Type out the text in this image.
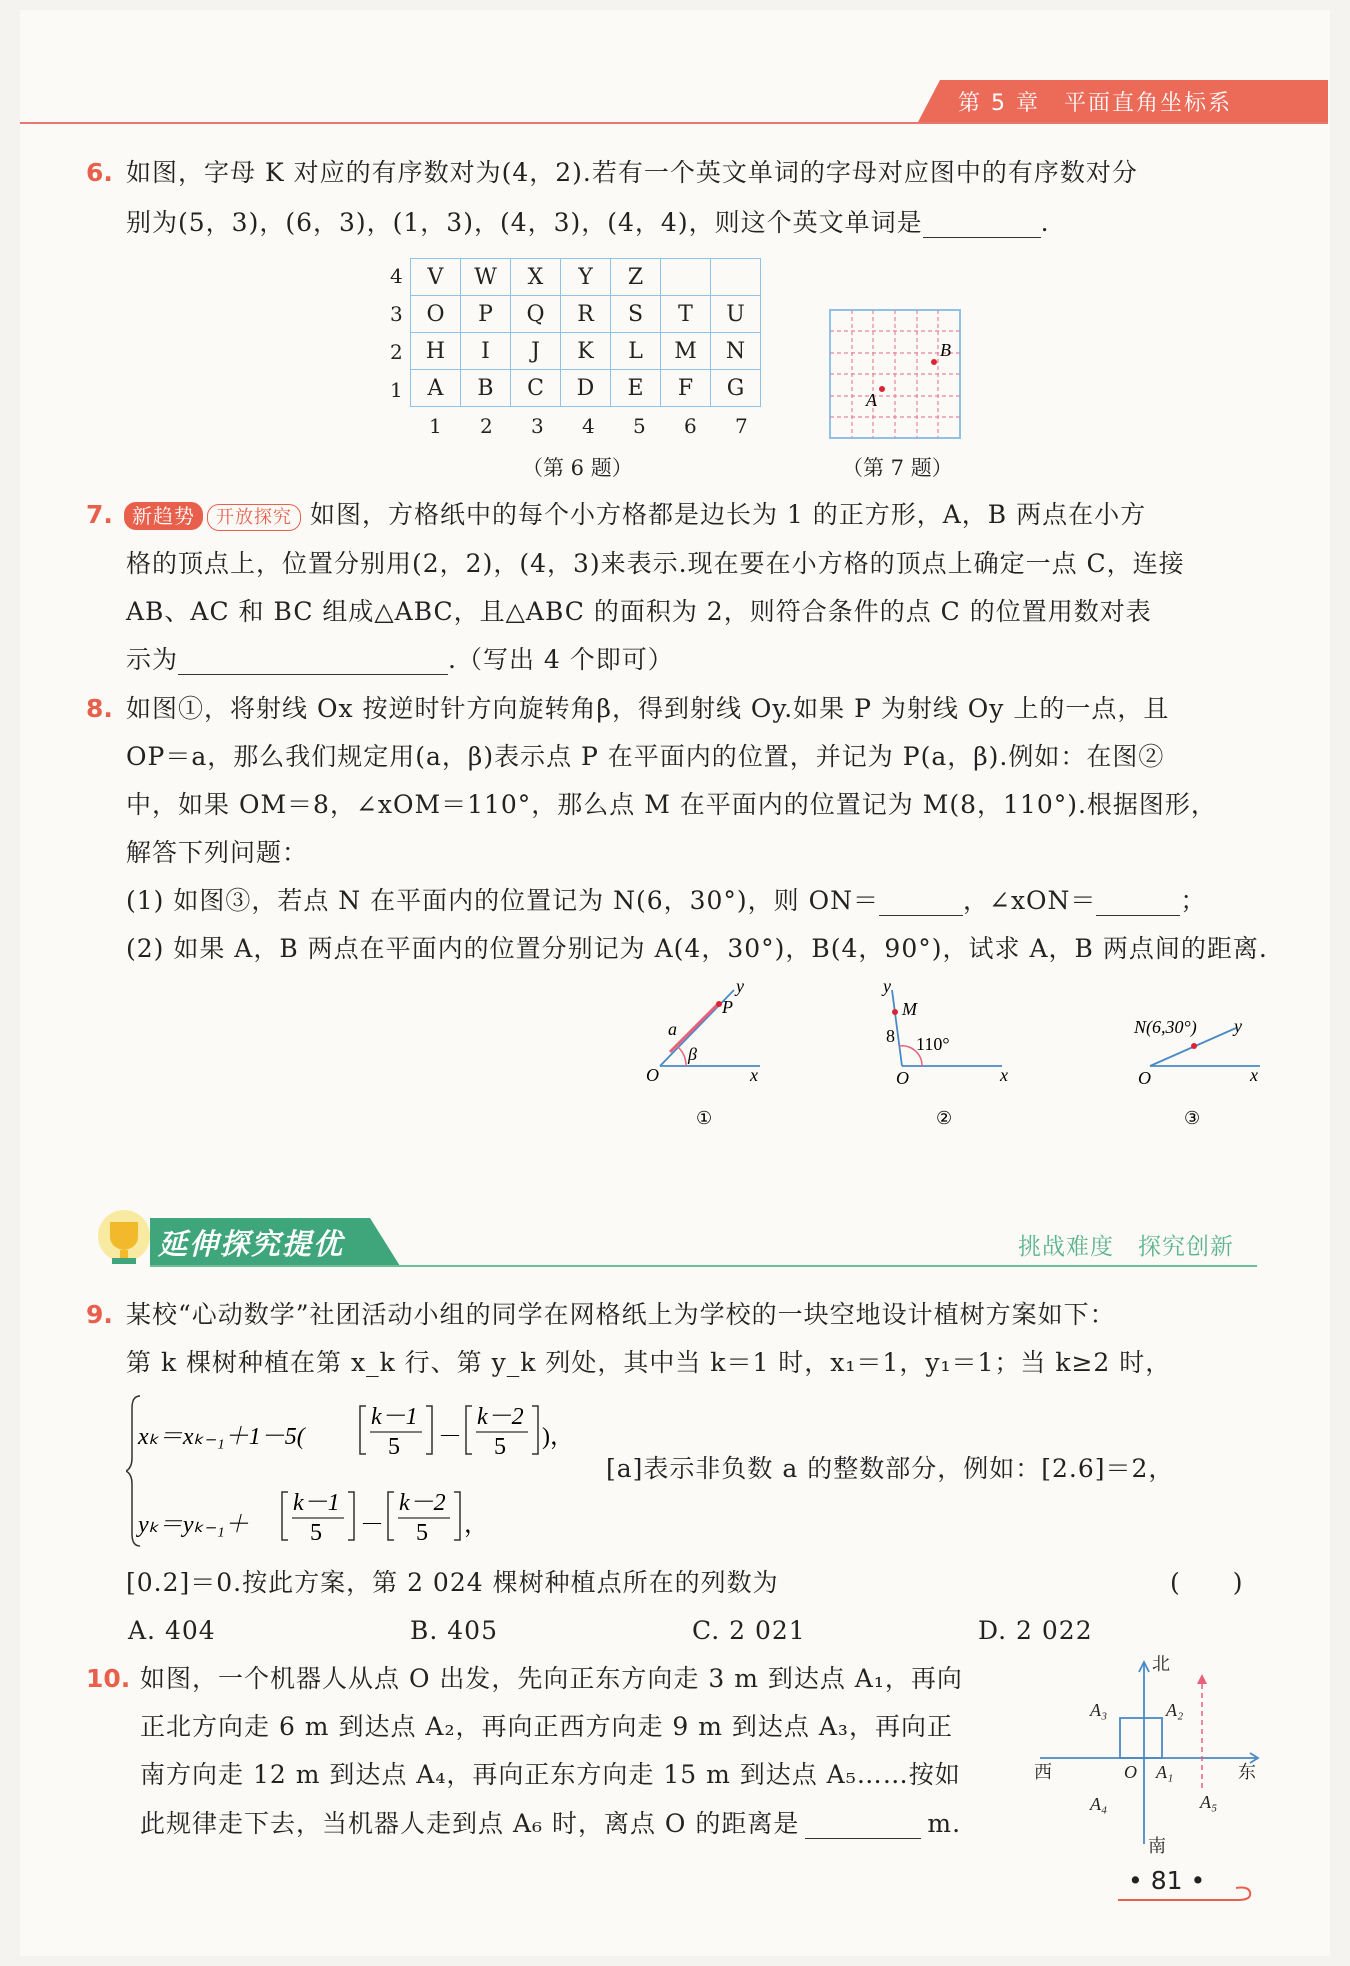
第 5 章　平面直角坐标系
6. 如图，字母 K 对应的有序数对为(4，2).若有一个英文单词的字母对应图中的有序数对分
别为(5，3)，(6，3)，(1，3)，(4，3)，(4，4)，则这个英文单词是	.
V	W	X	Y	Z		
O	P	Q	R	S	T	U
H	I	J	K	L	M	N
A	B	C	D	E	F	G
4
3
2
1
1 2 3 4 5 6 7
（第 6 题）
A
B
（第 7 题）
7. 新趋势 开放探究 如图，方格纸中的每个小方格都是边长为 1 的正方形，A，B 两点在小方
格的顶点上，位置分别用(2，2)，(4，3)来表示.现在要在小方格的顶点上确定一点 C，连接
AB、AC 和 BC 组成△ABC，且△ABC 的面积为 2，则符合条件的点 C 的位置用数对表
示为	.（写出 4 个即可）
8. 如图①，将射线 Ox 按逆时针方向旋转角β，得到射线 Oy.如果 P 为射线 Oy 上的一点，且
OP＝a，那么我们规定用(a，β)表示点 P 在平面内的位置，并记为 P(a，β).例如：在图②
中，如果 OM＝8，∠xOM＝110°，那么点 M 在平面内的位置记为 M(8，110°).根据图形，
解答下列问题：
(1) 如图③，若点 N 在平面内的位置记为 N(6，30°)，则 ON＝	，∠xON＝	；
(2) 如果 A，B 两点在平面内的位置分别记为 A(4，30°)，B(4，90°)，试求 A，B 两点间的距离.
O	x
y
P
a
β
①
O	x
y
M
8 110°
②
O	x
y
N(6,30°)
③
延伸探究提优	挑战难度　探究创新
9. 某校“心动数学”社团活动小组的同学在网格纸上为学校的一块空地设计植树方案如下：
第 k 棵树种植在第 x_k 行、第 y_k 列处，其中当 k＝1 时，x₁＝1，y₁＝1；当 k≥2 时，
xₖ＝xₖ₋₁＋1－5(
k－1
5 －
k－2
5 )，
yₖ＝yₖ₋₁＋
k－1
5 －
k－2
5 ，
[a]表示非负数 a 的整数部分，例如：[2.6]＝2，
[0.2]＝0.按此方案，第 2 024 棵树种植点所在的列数为	(　　)
A. 404	B. 405	C. 2 021	D. 2 022
10. 如图，一个机器人从点 O 出发，先向正东方向走 3 m 到达点 A₁，再向
正北方向走 6 m 到达点 A₂，再向正西方向走 9 m 到达点 A₃，再向正
南方向走 12 m 到达点 A₄，再向正东方向走 15 m 到达点 A₅……按如
此规律走下去，当机器人走到点 A₆ 时，离点 O 的距离是	m.
北
南
东
西	O A₁
A₂
A₃
A₄	A₅
• 81 •
